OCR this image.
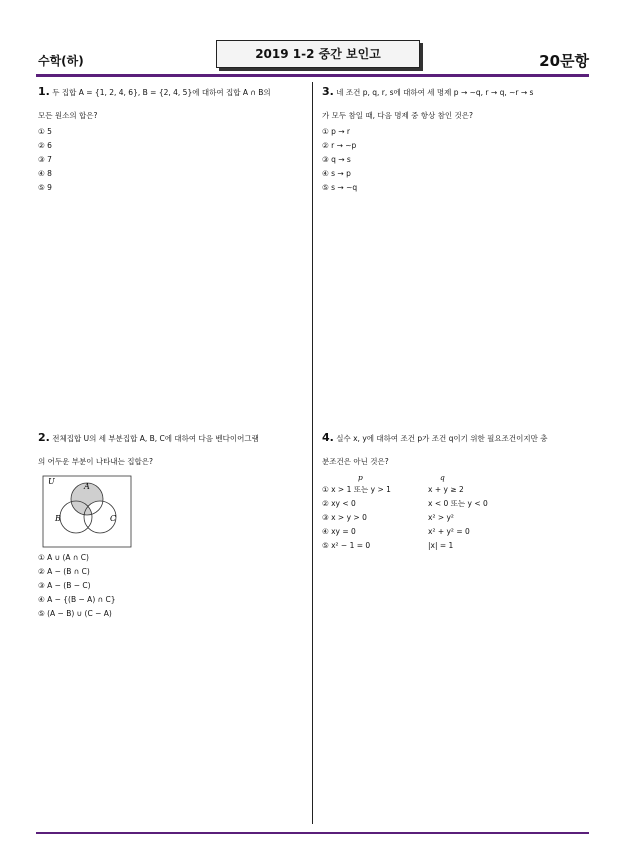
수학(하)	2019 1-2 중간 보인고	20문항
1. 두 집합 A = {1, 2, 4, 6}, B = {2, 4, 5}에 대하여 집합 A ∩ B의
모든 원소의 합은?
① 5
② 6
③ 7
④ 8
⑤ 9
2. 전체집합 U의 세 부분집합 A, B, C에 대하여 다음 벤다이어그램
의 어두운 부분이 나타내는 집합은?
U
A
B	C
① A ∪ (A ∩ C)
② A − (B ∩ C)
③ A − (B − C)
④ A − {(B − A) ∩ C}
⑤ (A − B) ∪ (C − A)
3. 네 조건 p, q, r, s에 대하여 세 명제 p → ~q, r → q, ~r → s
가 모두 참일 때, 다음 명제 중 항상 참인 것은?
① p → r
② r → ~p
③ q → s
④ s → p
⑤ s → ~q
4. 실수 x, y에 대하여 조건 p가 조건 q이기 위한 필요조건이지만 충
분조건은 아닌 것은?
p	q
① x > 1 또는 y > 1	x + y ≥ 2
② xy < 0	x < 0 또는 y < 0
③ x > y > 0	x² > y²
④ xy = 0	x² + y² = 0
⑤ x² − 1 = 0	|x| = 1
